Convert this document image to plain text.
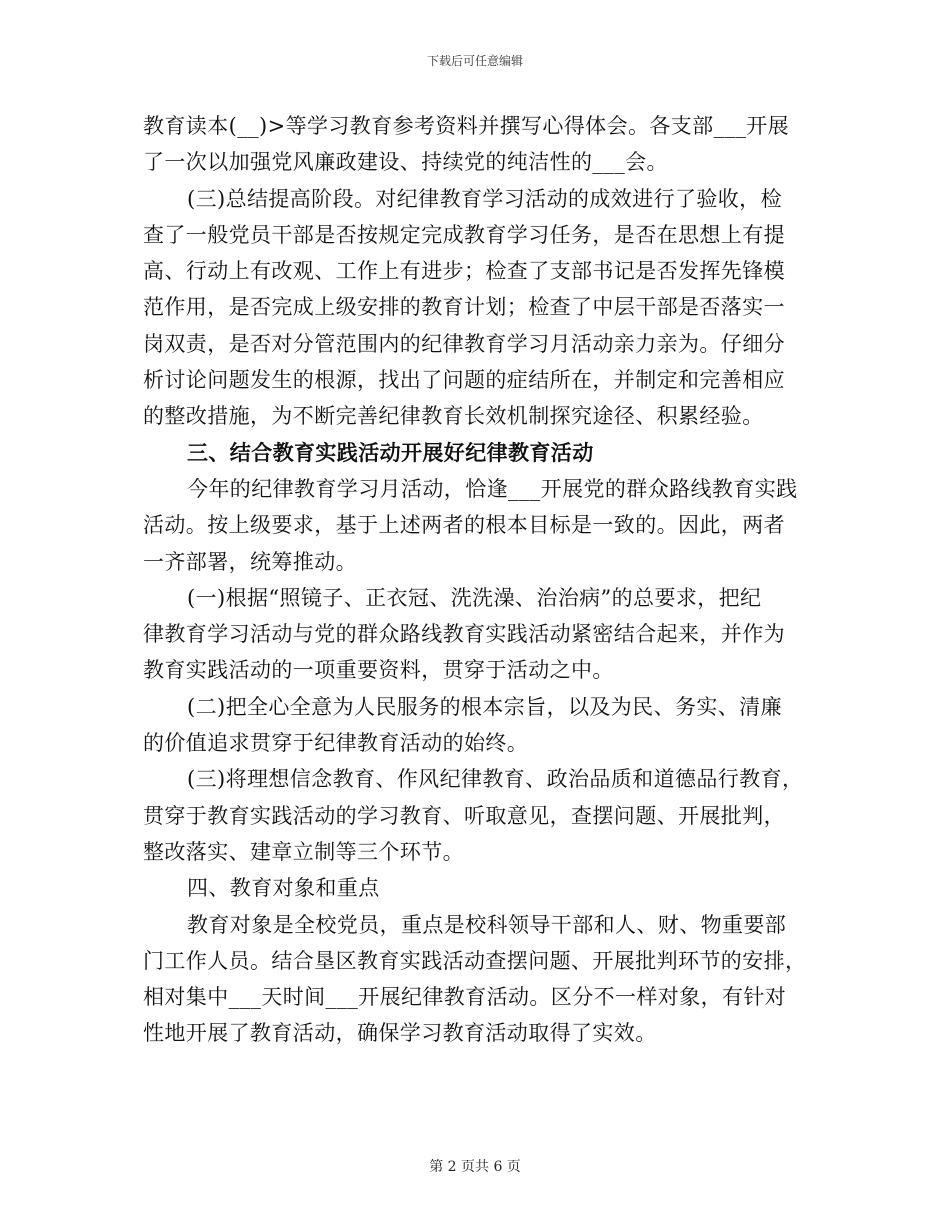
下载后可任意编辑
教育读本(__)>等学习教育参考资料并撰写心得体会。各支部___开展
了一次以加强党风廉政建设、持续党的纯洁性的___会。
(三)总结提高阶段。对纪律教育学习活动的成效进行了验收，检
查了一般党员干部是否按规定完成教育学习任务，是否在思想上有提
高、行动上有改观、工作上有进步；检查了支部书记是否发挥先锋模
范作用，是否完成上级安排的教育计划；检查了中层干部是否落实一
岗双责，是否对分管范围内的纪律教育学习月活动亲力亲为。仔细分
析讨论问题发生的根源，找出了问题的症结所在，并制定和完善相应
的整改措施，为不断完善纪律教育长效机制探究途径、积累经验。
三、结合教育实践活动开展好纪律教育活动
今年的纪律教育学习月活动，恰逢___开展党的群众路线教育实践
活动。按上级要求，基于上述两者的根本目标是一致的。因此，两者
一齐部署，统筹推动。
(一)根据“照镜子、正衣冠、洗洗澡、治治病”的总要求，把纪
律教育学习活动与党的群众路线教育实践活动紧密结合起来，并作为
教育实践活动的一项重要资料，贯穿于活动之中。
(二)把全心全意为人民服务的根本宗旨，以及为民、务实、清廉
的价值追求贯穿于纪律教育活动的始终。
(三)将理想信念教育、作风纪律教育、政治品质和道德品行教育，
贯穿于教育实践活动的学习教育、听取意见，查摆问题、开展批判，
整改落实、建章立制等三个环节。
四、教育对象和重点
教育对象是全校党员，重点是校科领导干部和人、财、物重要部
门工作人员。结合垦区教育实践活动查摆问题、开展批判环节的安排，
相对集中___天时间___开展纪律教育活动。区分不一样对象，有针对
性地开展了教育活动，确保学习教育活动取得了实效。
第 2 页共 6 页
